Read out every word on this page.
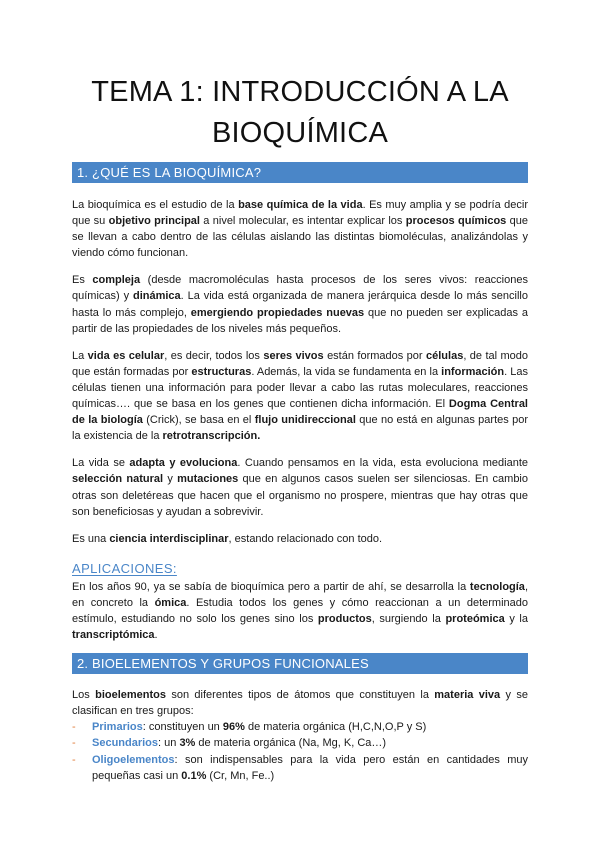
TEMA 1: INTRODUCCIÓN A LA
BIOQUÍMICA
1. ¿QUÉ ES LA BIOQUÍMICA?

La bioquímica es el estudio de la base química de la vida. Es muy amplia y se podría decir que su objetivo principal a nivel molecular, es intentar explicar los procesos químicos que se llevan a cabo dentro de las células aislando las distintas biomoléculas, analizándolas y viendo cómo funcionan.

Es compleja (desde macromoléculas hasta procesos de los seres vivos: reacciones químicas) y dinámica. La vida está organizada de manera jerárquica desde lo más sencillo hasta lo más complejo, emergiendo propiedades nuevas que no pueden ser explicadas a partir de las propiedades de los niveles más pequeños.

La vida es celular, es decir, todos los seres vivos están formados por células, de tal modo que están formadas por estructuras. Además, la vida se fundamenta en la información. Las células tienen una información para poder llevar a cabo las rutas moleculares, reacciones químicas…. que se basa en los genes que contienen dicha información. El Dogma Central de la biología (Crick), se basa en el flujo unidireccional que no está en algunas partes por la existencia de la retrotranscripción.

La vida se adapta y evoluciona. Cuando pensamos en la vida, esta evoluciona mediante selección natural y mutaciones que en algunos casos suelen ser silenciosas. En cambio otras son deletéreas que hacen que el organismo no prospere, mientras que hay otras que son beneficiosas y ayudan a sobrevivir.

Es una ciencia interdisciplinar, estando relacionado con todo.

APLICACIONES:

En los años 90, ya se sabía de bioquímica pero a partir de ahí, se desarrolla la tecnología, en concreto la ómica. Estudia todos los genes y cómo reaccionan a un determinado estímulo, estudiando no solo los genes sino los productos, surgiendo la proteómica y la transcriptómica.

2. BIOELEMENTOS Y GRUPOS FUNCIONALES

Los bioelementos son diferentes tipos de átomos que constituyen la materia viva y se clasifican en tres grupos:

- Primarios: constituyen un 96% de materia orgánica (H,C,N,O,P y S)
- Secundarios: un 3% de materia orgánica (Na, Mg, K, Ca…)
- Oligoelementos: son indispensables para la vida pero están en cantidades muy pequeñas casi un 0.1% (Cr, Mn, Fe..)
